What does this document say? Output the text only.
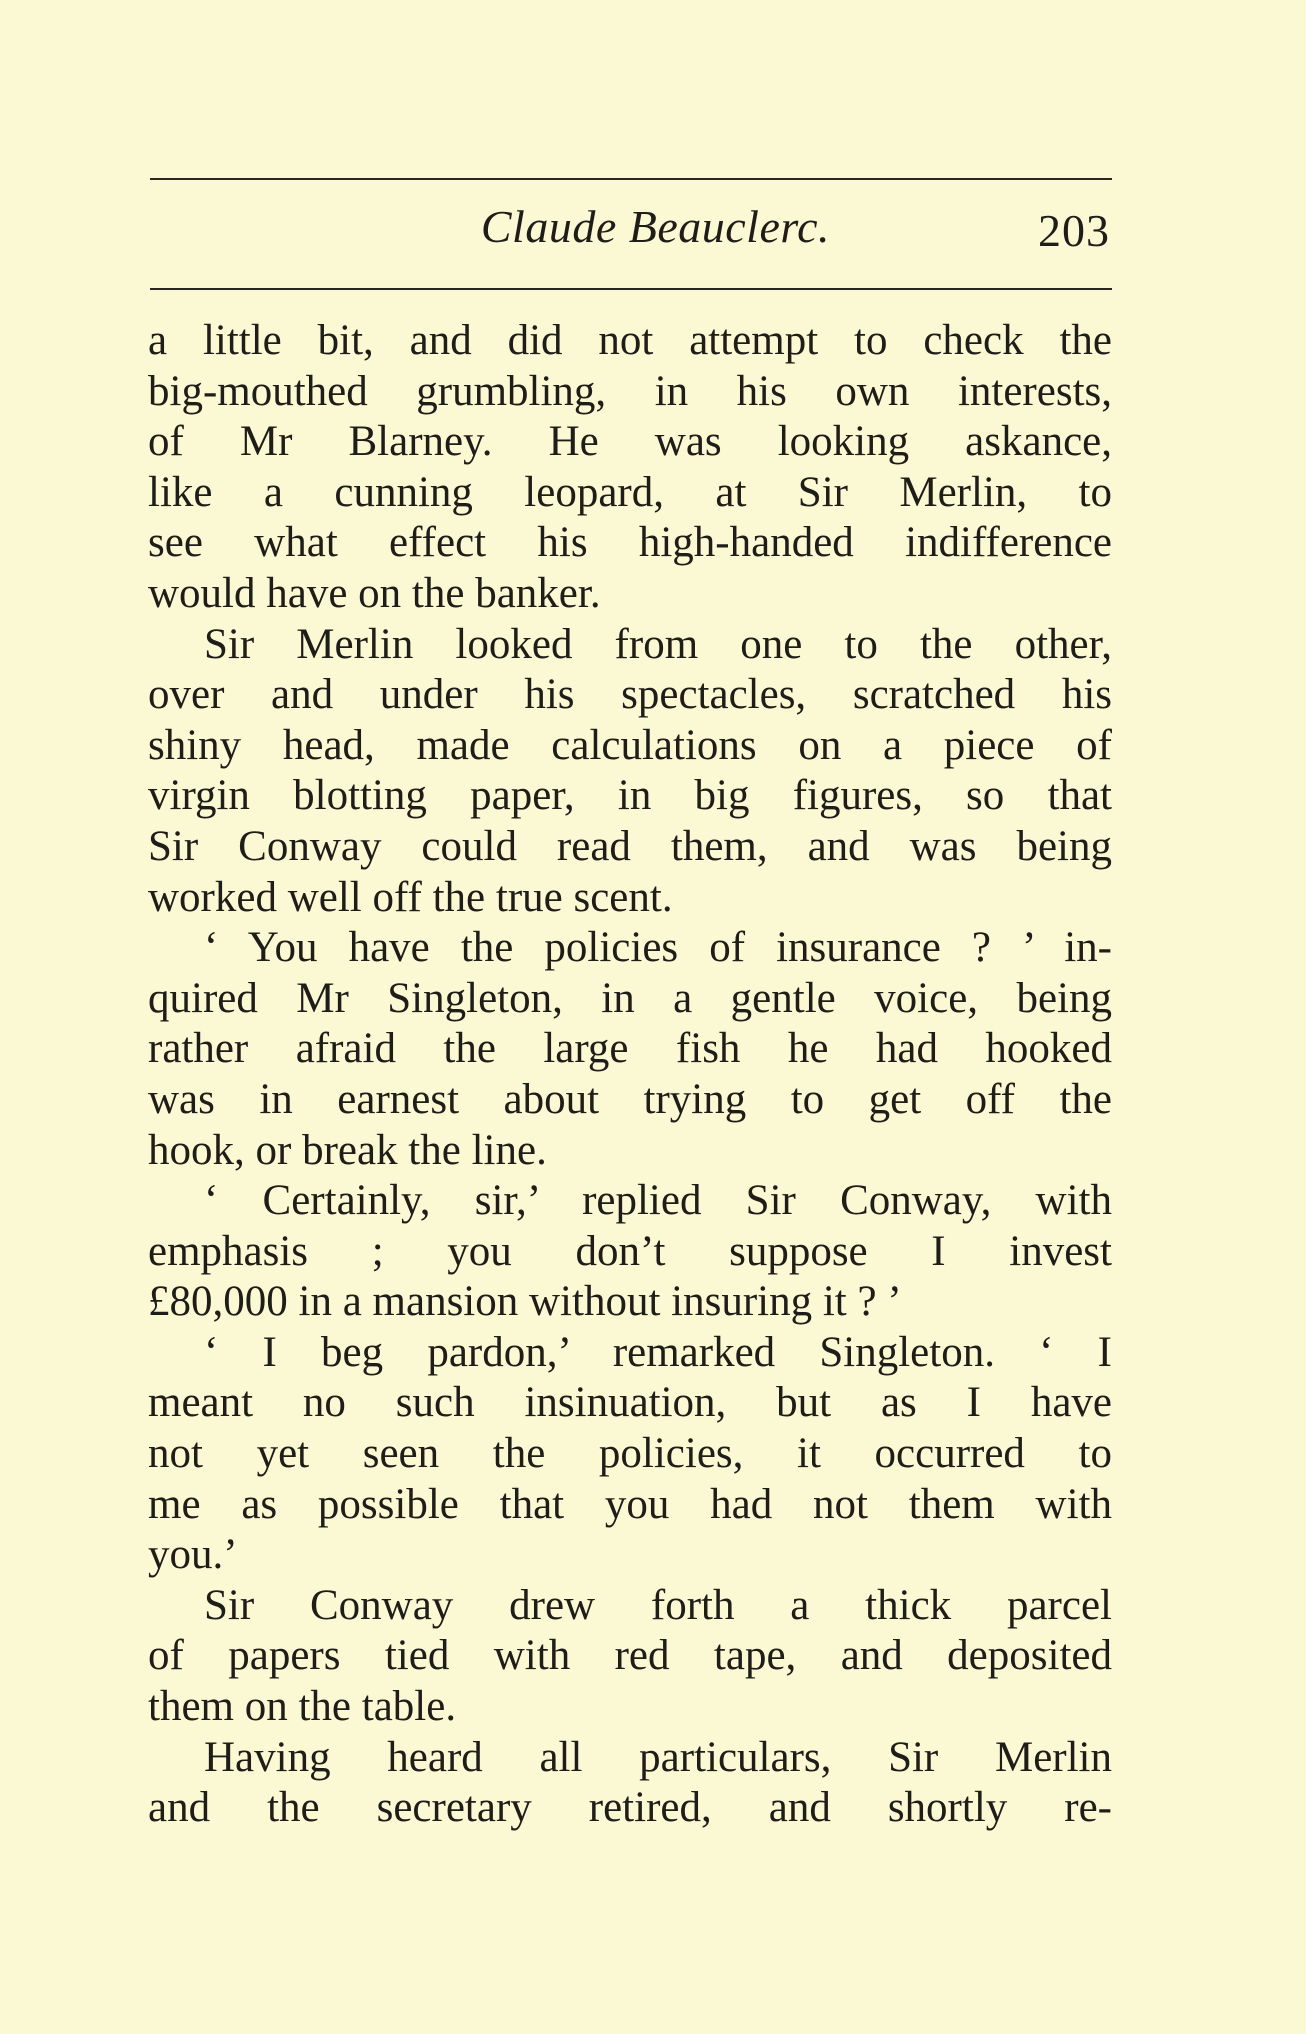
Claude Beauclerc.	203
a little bit, and did not attempt to check the
big-mouthed grumbling, in his own interests,
of Mr Blarney. He was looking askance,
like a cunning leopard, at Sir Merlin, to
see what effect his high-handed indifference
would have on the banker.
Sir Merlin looked from one to the other,
over and under his spectacles, scratched his
shiny head, made calculations on a piece of
virgin blotting paper, in big figures, so that
Sir Conway could read them, and was being
worked well off the true scent.
‘ You have the policies of insurance ? ’ in-
quired Mr Singleton, in a gentle voice, being
rather afraid the large fish he had hooked
was in earnest about trying to get off the
hook, or break the line.
‘ Certainly, sir,’ replied Sir Conway, with
emphasis ; you don’t suppose I invest
£80,000 in a mansion without insuring it ? ’
‘ I beg pardon,’ remarked Singleton. ‘ I
meant no such insinuation, but as I have
not yet seen the policies, it occurred to
me as possible that you had not them with
you.’
Sir Conway drew forth a thick parcel
of papers tied with red tape, and deposited
them on the table.
Having heard all particulars, Sir Merlin
and the secretary retired, and shortly re-
